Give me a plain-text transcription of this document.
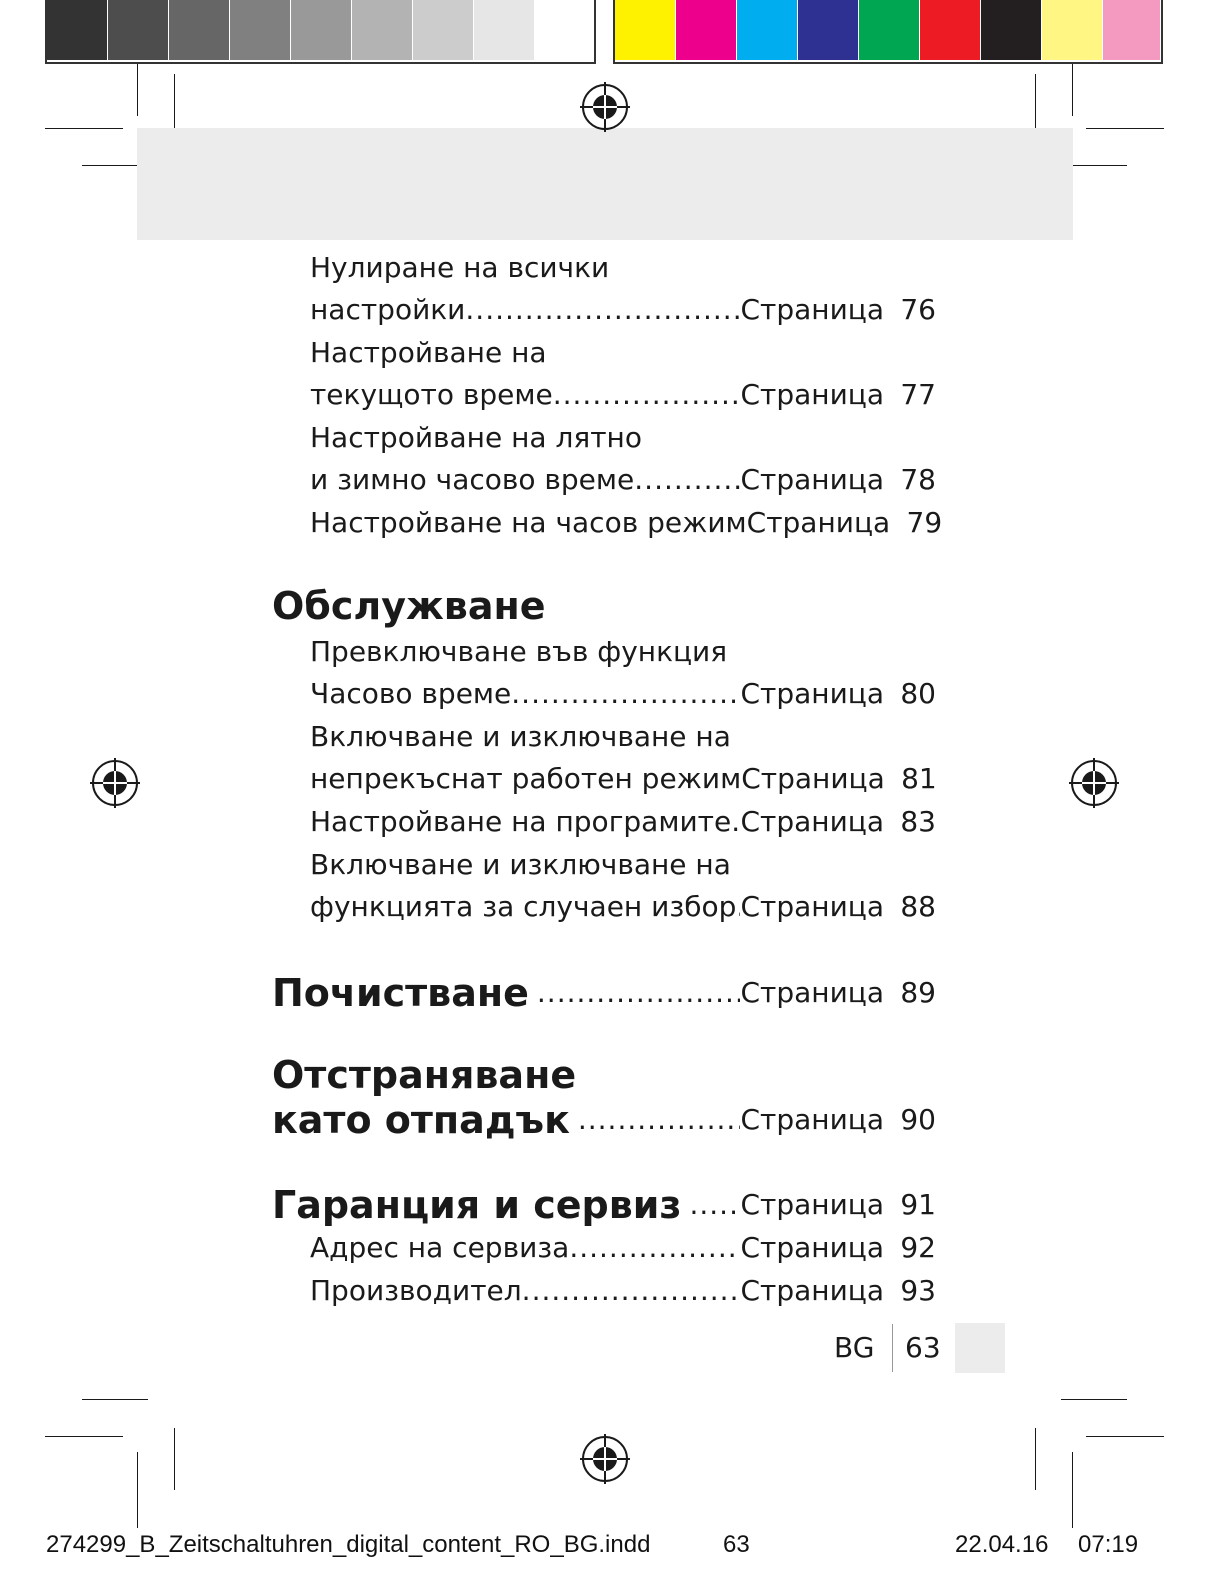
Нулиране на всички
настройки .....	Страница 76
Настройване на
текущото време .....	Страница 77
Настройване на лятно
и зимно часово време .....	Страница 78
Настройване на часов режим Страница 79
Обслужване
Превключване във функция
Часово време .....	Страница 80
Включване и изключване на
непрекъснат работен режим Страница 81
Настройване на програмите ..... Страница 83
Включване и изключване на
функцията за случаен избор ..... Страница 88
Почистване .....	Страница 89
Отстраняване
като отпадък .....	Страница 90
Гаранция и сервиз ..... Страница 91
Адрес на сервиза .....	Страница 92
Производител .....	Страница 93
BG 63
274299_B_Zeitschaltuhren_digital_content_RO_BG.indd	63	22.04.16 07:19
